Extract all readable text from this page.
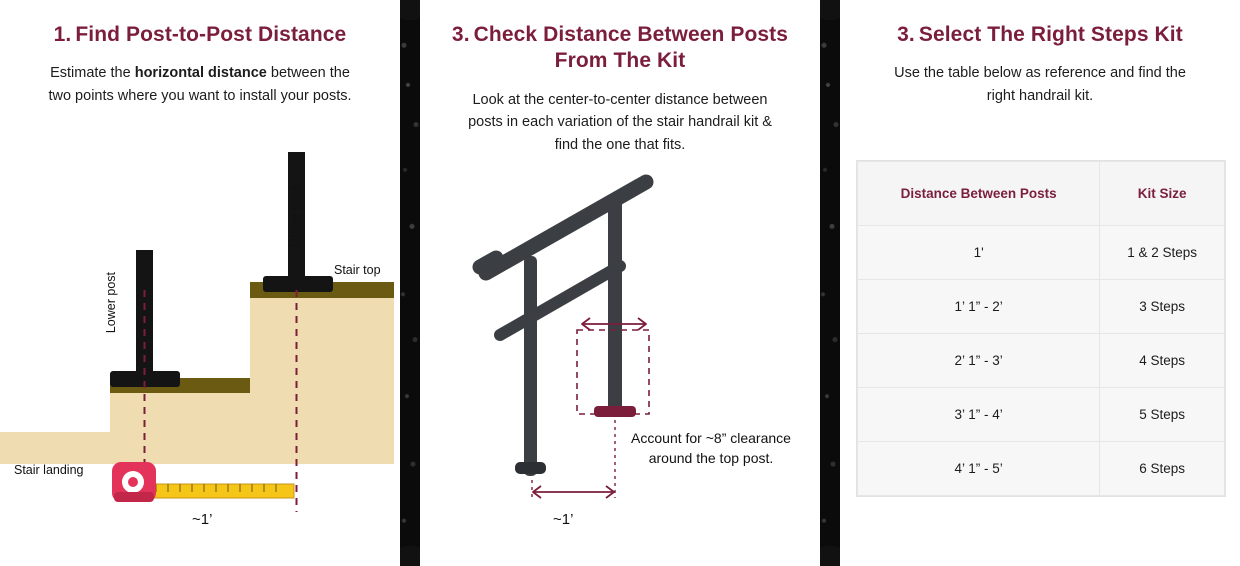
1. Find Post-to-Post Distance

Estimate the horizontal distance between the two points where you want to install your posts.

Upper post
Lower post
Stair top
Stair landing
~1’
3. Check Distance Between Posts From The Kit

Look at the center-to-center distance between posts in each variation of the stair handrail kit & find the one that fits.

Account for ~8” clearance around the top post.
~1’
3. Select The Right Steps Kit

Use the table below as reference and find the right handrail kit.

Distance Between Posts	Kit Size
1'	1 & 2 Steps
1’ 1” - 2’	3 Steps
2’ 1” - 3’	4 Steps
3’ 1” - 4’	5 Steps
4’ 1” - 5’	6 Steps
